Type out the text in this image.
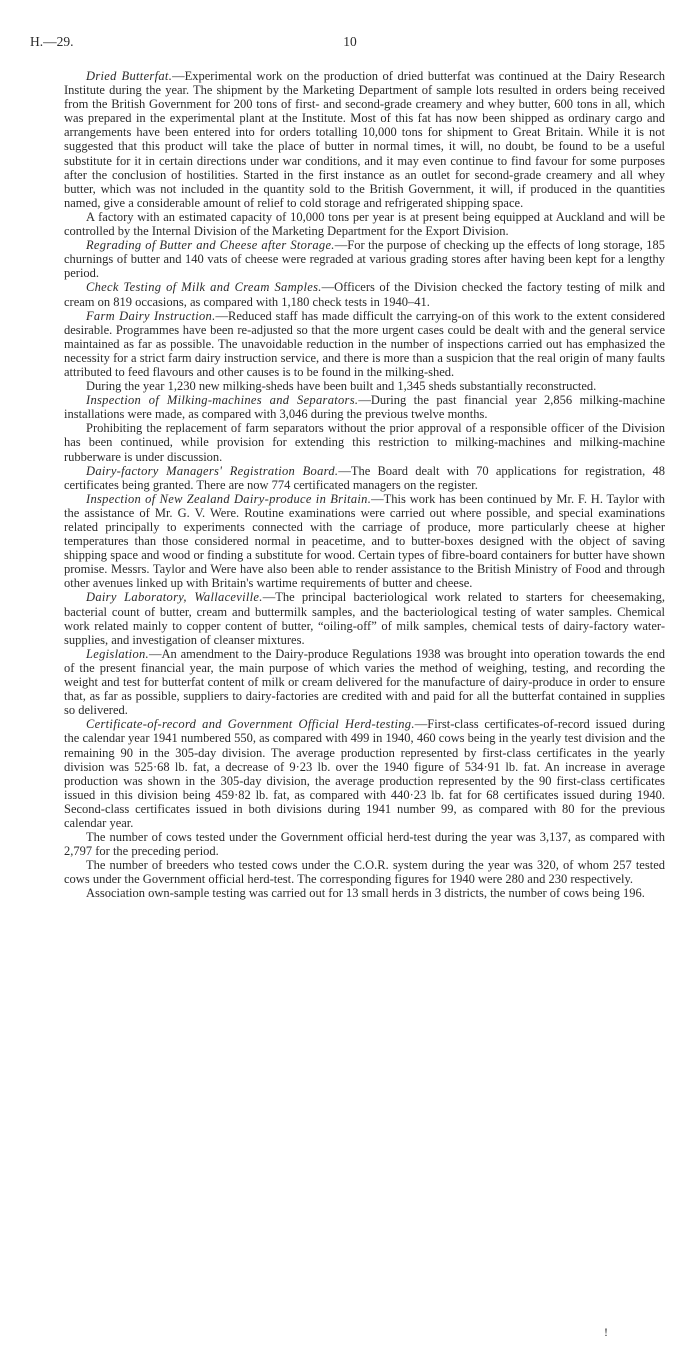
H.—29.	10

Dried Butterfat.—Experimental work on the production of dried butterfat was continued at the Dairy Research Institute during the year. The shipment by the Marketing Department of sample lots resulted in orders being received from the British Government for 200 tons of first- and second-grade creamery and whey butter, 600 tons in all, which was prepared in the experimental plant at the Institute. Most of this fat has now been shipped as ordinary cargo and arrangements have been entered into for orders totalling 10,000 tons for shipment to Great Britain. While it is not suggested that this product will take the place of butter in normal times, it will, no doubt, be found to be a useful substitute for it in certain directions under war conditions, and it may even continue to find favour for some purposes after the conclusion of hostilities. Started in the first instance as an outlet for second-grade creamery and all whey butter, which was not included in the quantity sold to the British Government, it will, if produced in the quantities named, give a considerable amount of relief to cold storage and refrigerated shipping space.

A factory with an estimated capacity of 10,000 tons per year is at present being equipped at Auckland and will be controlled by the Internal Division of the Marketing Department for the Export Division.

Regrading of Butter and Cheese after Storage.—For the purpose of checking up the effects of long storage, 185 churnings of butter and 140 vats of cheese were regraded at various grading stores after having been kept for a lengthy period.

Check Testing of Milk and Cream Samples.—Officers of the Division checked the factory testing of milk and cream on 819 occasions, as compared with 1,180 check tests in 1940–41.

Farm Dairy Instruction.—Reduced staff has made difficult the carrying-on of this work to the extent considered desirable. Programmes have been re-adjusted so that the more urgent cases could be dealt with and the general service maintained as far as possible. The unavoidable reduction in the number of inspections carried out has emphasized the necessity for a strict farm dairy instruction service, and there is more than a suspicion that the real origin of many faults attributed to feed flavours and other causes is to be found in the milking-shed.

During the year 1,230 new milking-sheds have been built and 1,345 sheds substantially reconstructed.

Inspection of Milking-machines and Separators.—During the past financial year 2,856 milking-machine installations were made, as compared with 3,046 during the previous twelve months.

Prohibiting the replacement of farm separators without the prior approval of a responsible officer of the Division has been continued, while provision for extending this restriction to milking-machines and milking-machine rubberware is under discussion.

Dairy-factory Managers' Registration Board.—The Board dealt with 70 applications for registration, 48 certificates being granted. There are now 774 certificated managers on the register.

Inspection of New Zealand Dairy-produce in Britain.—This work has been continued by Mr. F. H. Taylor with the assistance of Mr. G. V. Were. Routine examinations were carried out where possible, and special examinations related principally to experiments connected with the carriage of produce, more particularly cheese at higher temperatures than those considered normal in peacetime, and to butter-boxes designed with the object of saving shipping space and wood or finding a substitute for wood. Certain types of fibre-board containers for butter have shown promise. Messrs. Taylor and Were have also been able to render assistance to the British Ministry of Food and through other avenues linked up with Britain's wartime requirements of butter and cheese.

Dairy Laboratory, Wallaceville.—The principal bacteriological work related to starters for cheesemaking, bacterial count of butter, cream and buttermilk samples, and the bacteriological testing of water samples. Chemical work related mainly to copper content of butter, “oiling-off” of milk samples, chemical tests of dairy-factory water-supplies, and investigation of cleanser mixtures.

Legislation.—An amendment to the Dairy-produce Regulations 1938 was brought into operation towards the end of the present financial year, the main purpose of which varies the method of weighing, testing, and recording the weight and test for butterfat content of milk or cream delivered for the manufacture of dairy-produce in order to ensure that, as far as possible, suppliers to dairy-factories are credited with and paid for all the butterfat contained in supplies so delivered.

Certificate-of-record and Government Official Herd-testing.—First-class certificates-of-record issued during the calendar year 1941 numbered 550, as compared with 499 in 1940, 460 cows being in the yearly test division and the remaining 90 in the 305-day division. The average production represented by first-class certificates in the yearly division was 525·68 lb. fat, a decrease of 9·23 lb. over the 1940 figure of 534·91 lb. fat. An increase in average production was shown in the 305-day division, the average production represented by the 90 first-class certificates issued in this division being 459·82 lb. fat, as compared with 440·23 lb. fat for 68 certificates issued during 1940. Second-class certificates issued in both divisions during 1941 number 99, as compared with 80 for the previous calendar year.

The number of cows tested under the Government official herd-test during the year was 3,137, as compared with 2,797 for the preceding period.

The number of breeders who tested cows under the C.O.R. system during the year was 320, of whom 257 tested cows under the Government official herd-test. The corresponding figures for 1940 were 280 and 230 respectively.

Association own-sample testing was carried out for 13 small herds in 3 districts, the number of cows being 196.

!
